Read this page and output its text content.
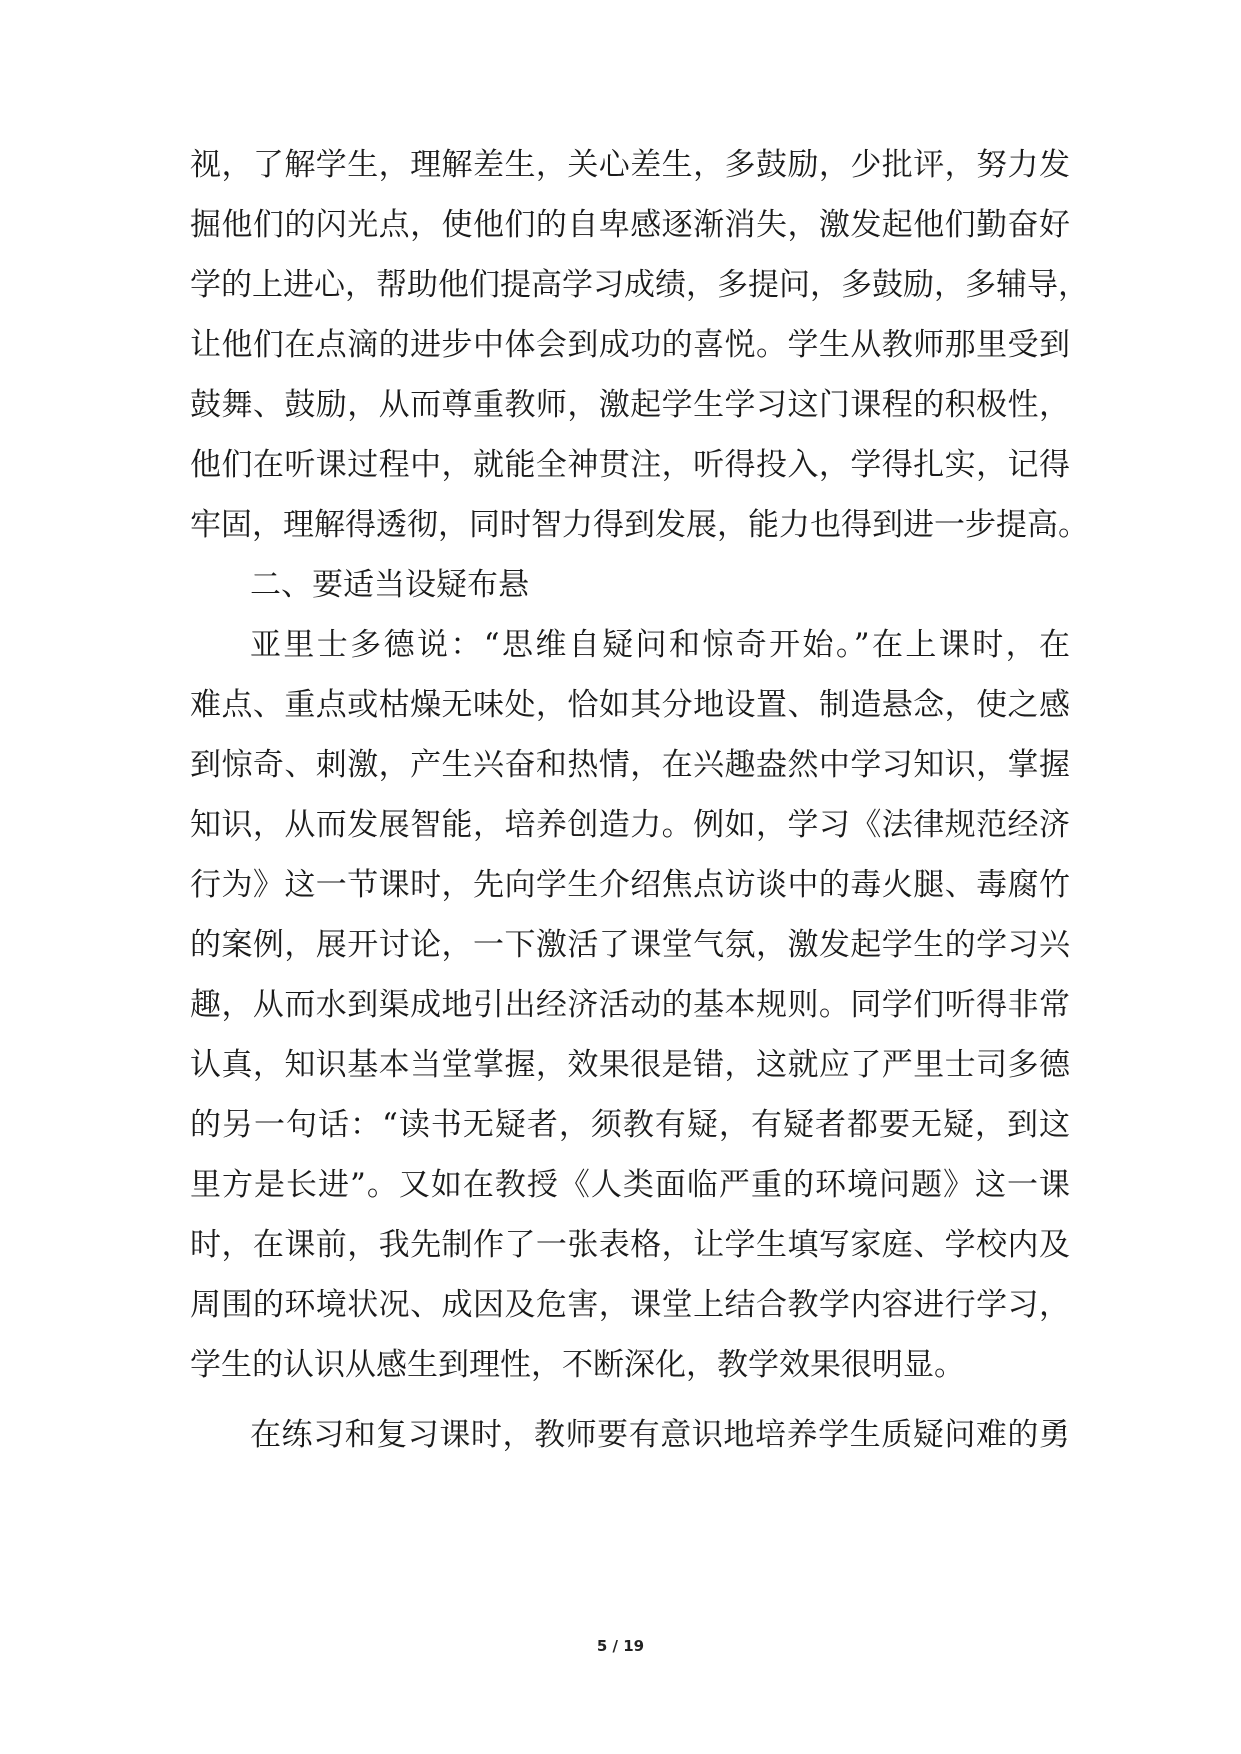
视，了解学生，理解差生，关心差生，多鼓励，少批评，努力发
掘他们的闪光点，使他们的自卑感逐渐消失，激发起他们勤奋好
学的上进心，帮助他们提高学习成绩，多提问，多鼓励，多辅导，
让他们在点滴的进步中体会到成功的喜悦。学生从教师那里受到
鼓舞、鼓励，从而尊重教师，激起学生学习这门课程的积极性，
他们在听课过程中，就能全神贯注，听得投入，学得扎实，记得
牢固，理解得透彻，同时智力得到发展，能力也得到进一步提高。
二、要适当设疑布悬
亚里士多德说：“思维自疑问和惊奇开始。”在上课时，在
难点、重点或枯燥无味处，恰如其分地设置、制造悬念，使之感
到惊奇、刺激，产生兴奋和热情，在兴趣盎然中学习知识，掌握
知识，从而发展智能，培养创造力。例如，学习《法律规范经济
行为》这一节课时，先向学生介绍焦点访谈中的毒火腿、毒腐竹
的案例，展开讨论，一下激活了课堂气氛，激发起学生的学习兴
趣，从而水到渠成地引出经济活动的基本规则。同学们听得非常
认真，知识基本当堂掌握，效果很是错，这就应了严里士司多德
的另一句话：“读书无疑者，须教有疑，有疑者都要无疑，到这
里方是长进”。又如在教授《人类面临严重的环境问题》这一课
时，在课前，我先制作了一张表格，让学生填写家庭、学校内及
周围的环境状况、成因及危害，课堂上结合教学内容进行学习，
学生的认识从感生到理性，不断深化，教学效果很明显。
在练习和复习课时，教师要有意识地培养学生质疑问难的勇
5 / 19
